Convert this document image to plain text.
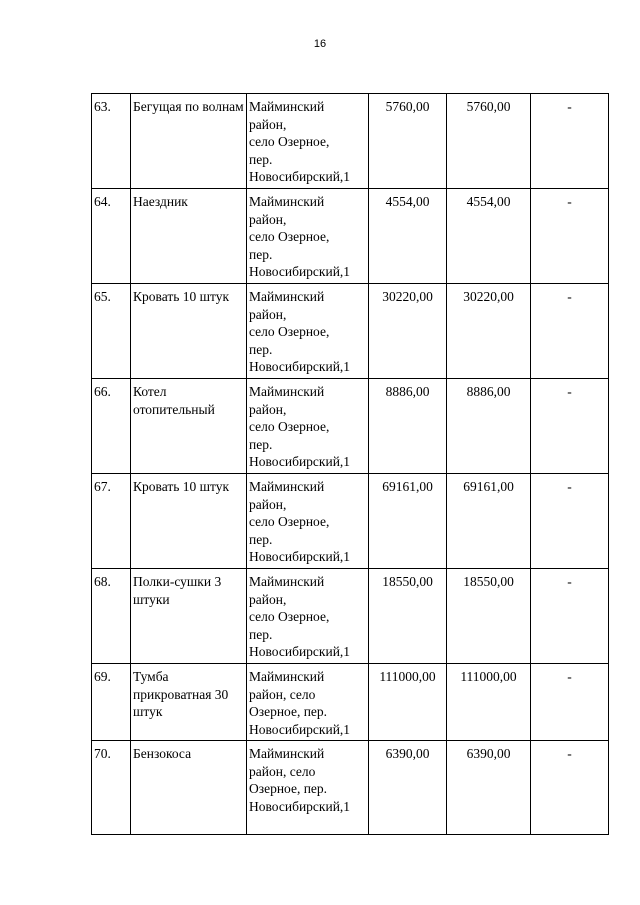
16
63.	Бегущая по волнам	Майминский
район,
село Озерное,
пер.
Новосибирский,1	5760,00	5760,00	-
64.	Наездник	Майминский
район,
село Озерное,
пер.
Новосибирский,1	4554,00	4554,00	-
65.	Кровать 10 штук	Майминский
район,
село Озерное,
пер.
Новосибирский,1	30220,00	30220,00	-
66.	Котел отопительный	Майминский
район,
село Озерное,
пер.
Новосибирский,1	8886,00	8886,00	-
67.	Кровать 10 штук	Майминский
район,
село Озерное,
пер.
Новосибирский,1	69161,00	69161,00	-
68.	Полки-сушки 3 штуки	Майминский
район,
село Озерное,
пер.
Новосибирский,1	18550,00	18550,00	-
69.	Тумба прикроватная 30 штук	Майминский
район, село
Озерное, пер.
Новосибирский,1	111000,00	111000,00	-
70.	Бензокоса	Майминский
район, село
Озерное, пер.
Новосибирский,1	6390,00	6390,00	-
